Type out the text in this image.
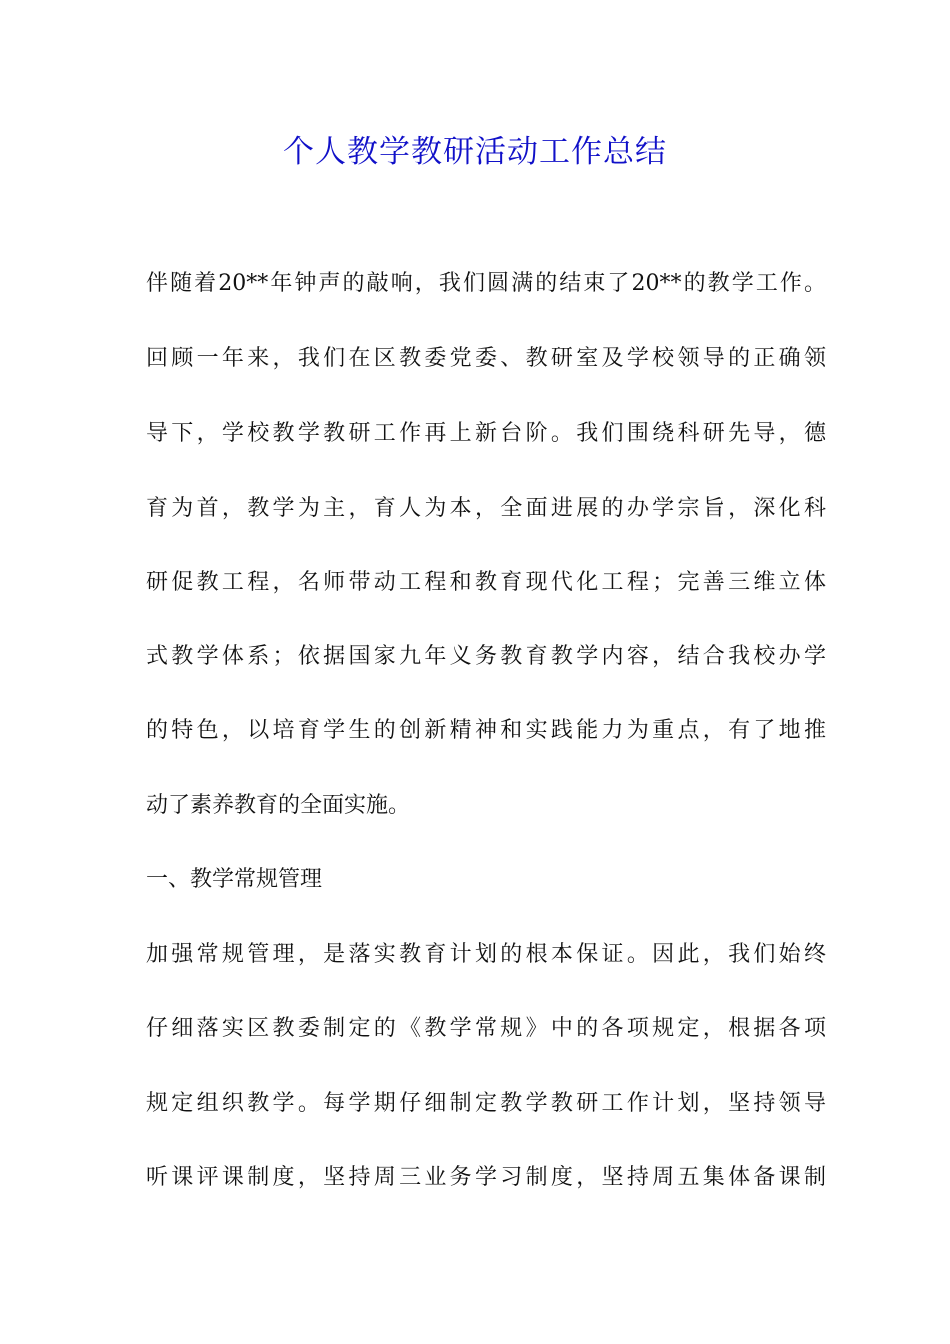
个人教学教研活动工作总结
伴随着20**年钟声的敲响，我们圆满的结束了20**的教学工作。
回顾一年来，我们在区教委党委、教研室及学校领导的正确领
导下，学校教学教研工作再上新台阶。我们围绕科研先导，德
育为首，教学为主，育人为本，全面进展的办学宗旨，深化科
研促教工程，名师带动工程和教育现代化工程；完善三维立体
式教学体系；依据国家九年义务教育教学内容，结合我校办学
的特色，以培育学生的创新精神和实践能力为重点，有了地推
动了素养教育的全面实施。
一、教学常规管理
加强常规管理，是落实教育计划的根本保证。因此，我们始终
仔细落实区教委制定的《教学常规》中的各项规定，根据各项
规定组织教学。每学期仔细制定教学教研工作计划，坚持领导
听课评课制度，坚持周三业务学习制度，坚持周五集体备课制
